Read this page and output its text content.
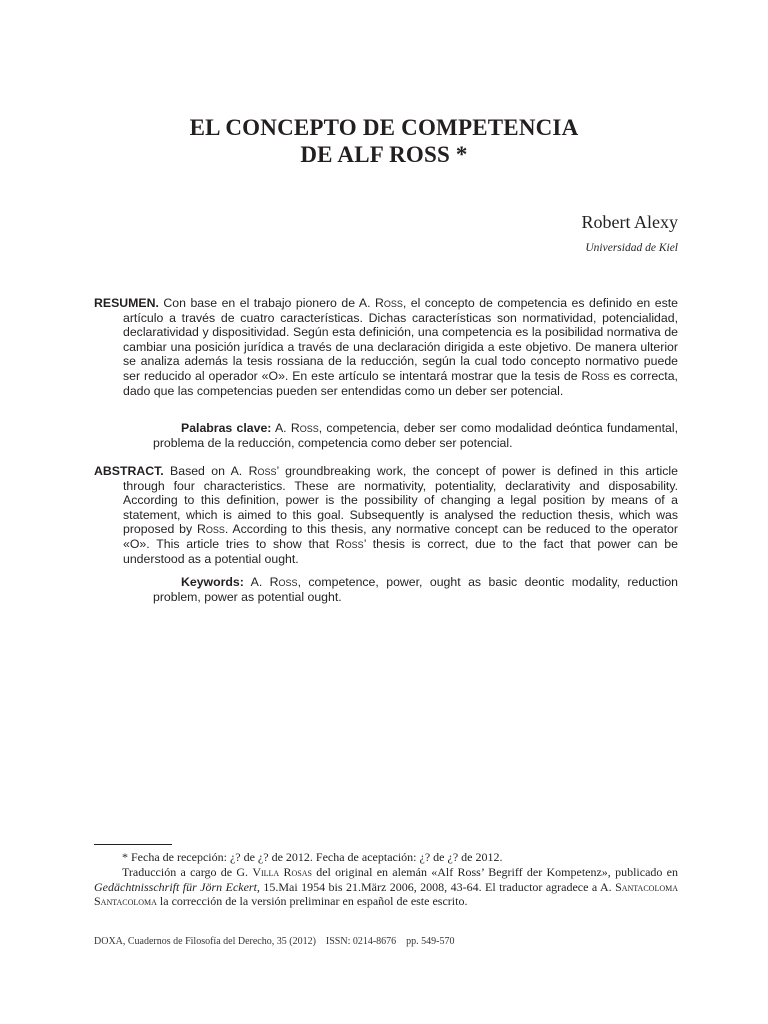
EL CONCEPTO DE COMPETENCIA
DE ALF ROSS *
Robert Alexy
Universidad de Kiel
RESUMEN. Con base en el trabajo pionero de A. Ross, el concepto de competencia es definido en este artículo a través de cuatro características. Dichas características son normatividad, potencialidad, declaratividad y dispositividad. Según esta definición, una competencia es la posibilidad normativa de cambiar una posición jurídica a través de una declaración dirigida a este objetivo. De manera ulterior se analiza además la tesis rossiana de la reducción, según la cual todo concepto normativo puede ser reducido al operador «O». En este artículo se intentará mostrar que la tesis de Ross es correcta, dado que las competencias pueden ser entendidas como un deber ser potencial.
Palabras clave: A. Ross, competencia, deber ser como modalidad deóntica fundamental, problema de la reducción, competencia como deber ser potencial.
ABSTRACT. Based on A. Ross’ groundbreaking work, the concept of power is defined in this article through four characteristics. These are normativity, potentiality, declarativity and disposability. According to this definition, power is the possibility of changing a legal position by means of a statement, which is aimed to this goal. Subsequently is analysed the reduction thesis, which was proposed by Ross. According to this thesis, any normative concept can be reduced to the operator «O». This article tries to show that Ross’ thesis is correct, due to the fact that power can be understood as a potential ought.
Keywords: A. Ross, competence, power, ought as basic deontic modality, reduction problem, power as potential ought.

* Fecha de recepción: ¿? de ¿? de 2012. Fecha de aceptación: ¿? de ¿? de 2012.

Traducción a cargo de G. Villa Rosas del original en alemán «Alf Ross’ Begriff der Kompetenz», publicado en Gedächtnisschrift für Jörn Eckert, 15.Mai 1954 bis 21.März 2006, 2008, 43-64. El traductor agradece a A. Santacoloma Santacoloma la corrección de la versión preliminar en español de este escrito.

DOXA, Cuadernos de Filosofía del Derecho, 35 (2012)    ISSN: 0214-8676    pp. 549-570
